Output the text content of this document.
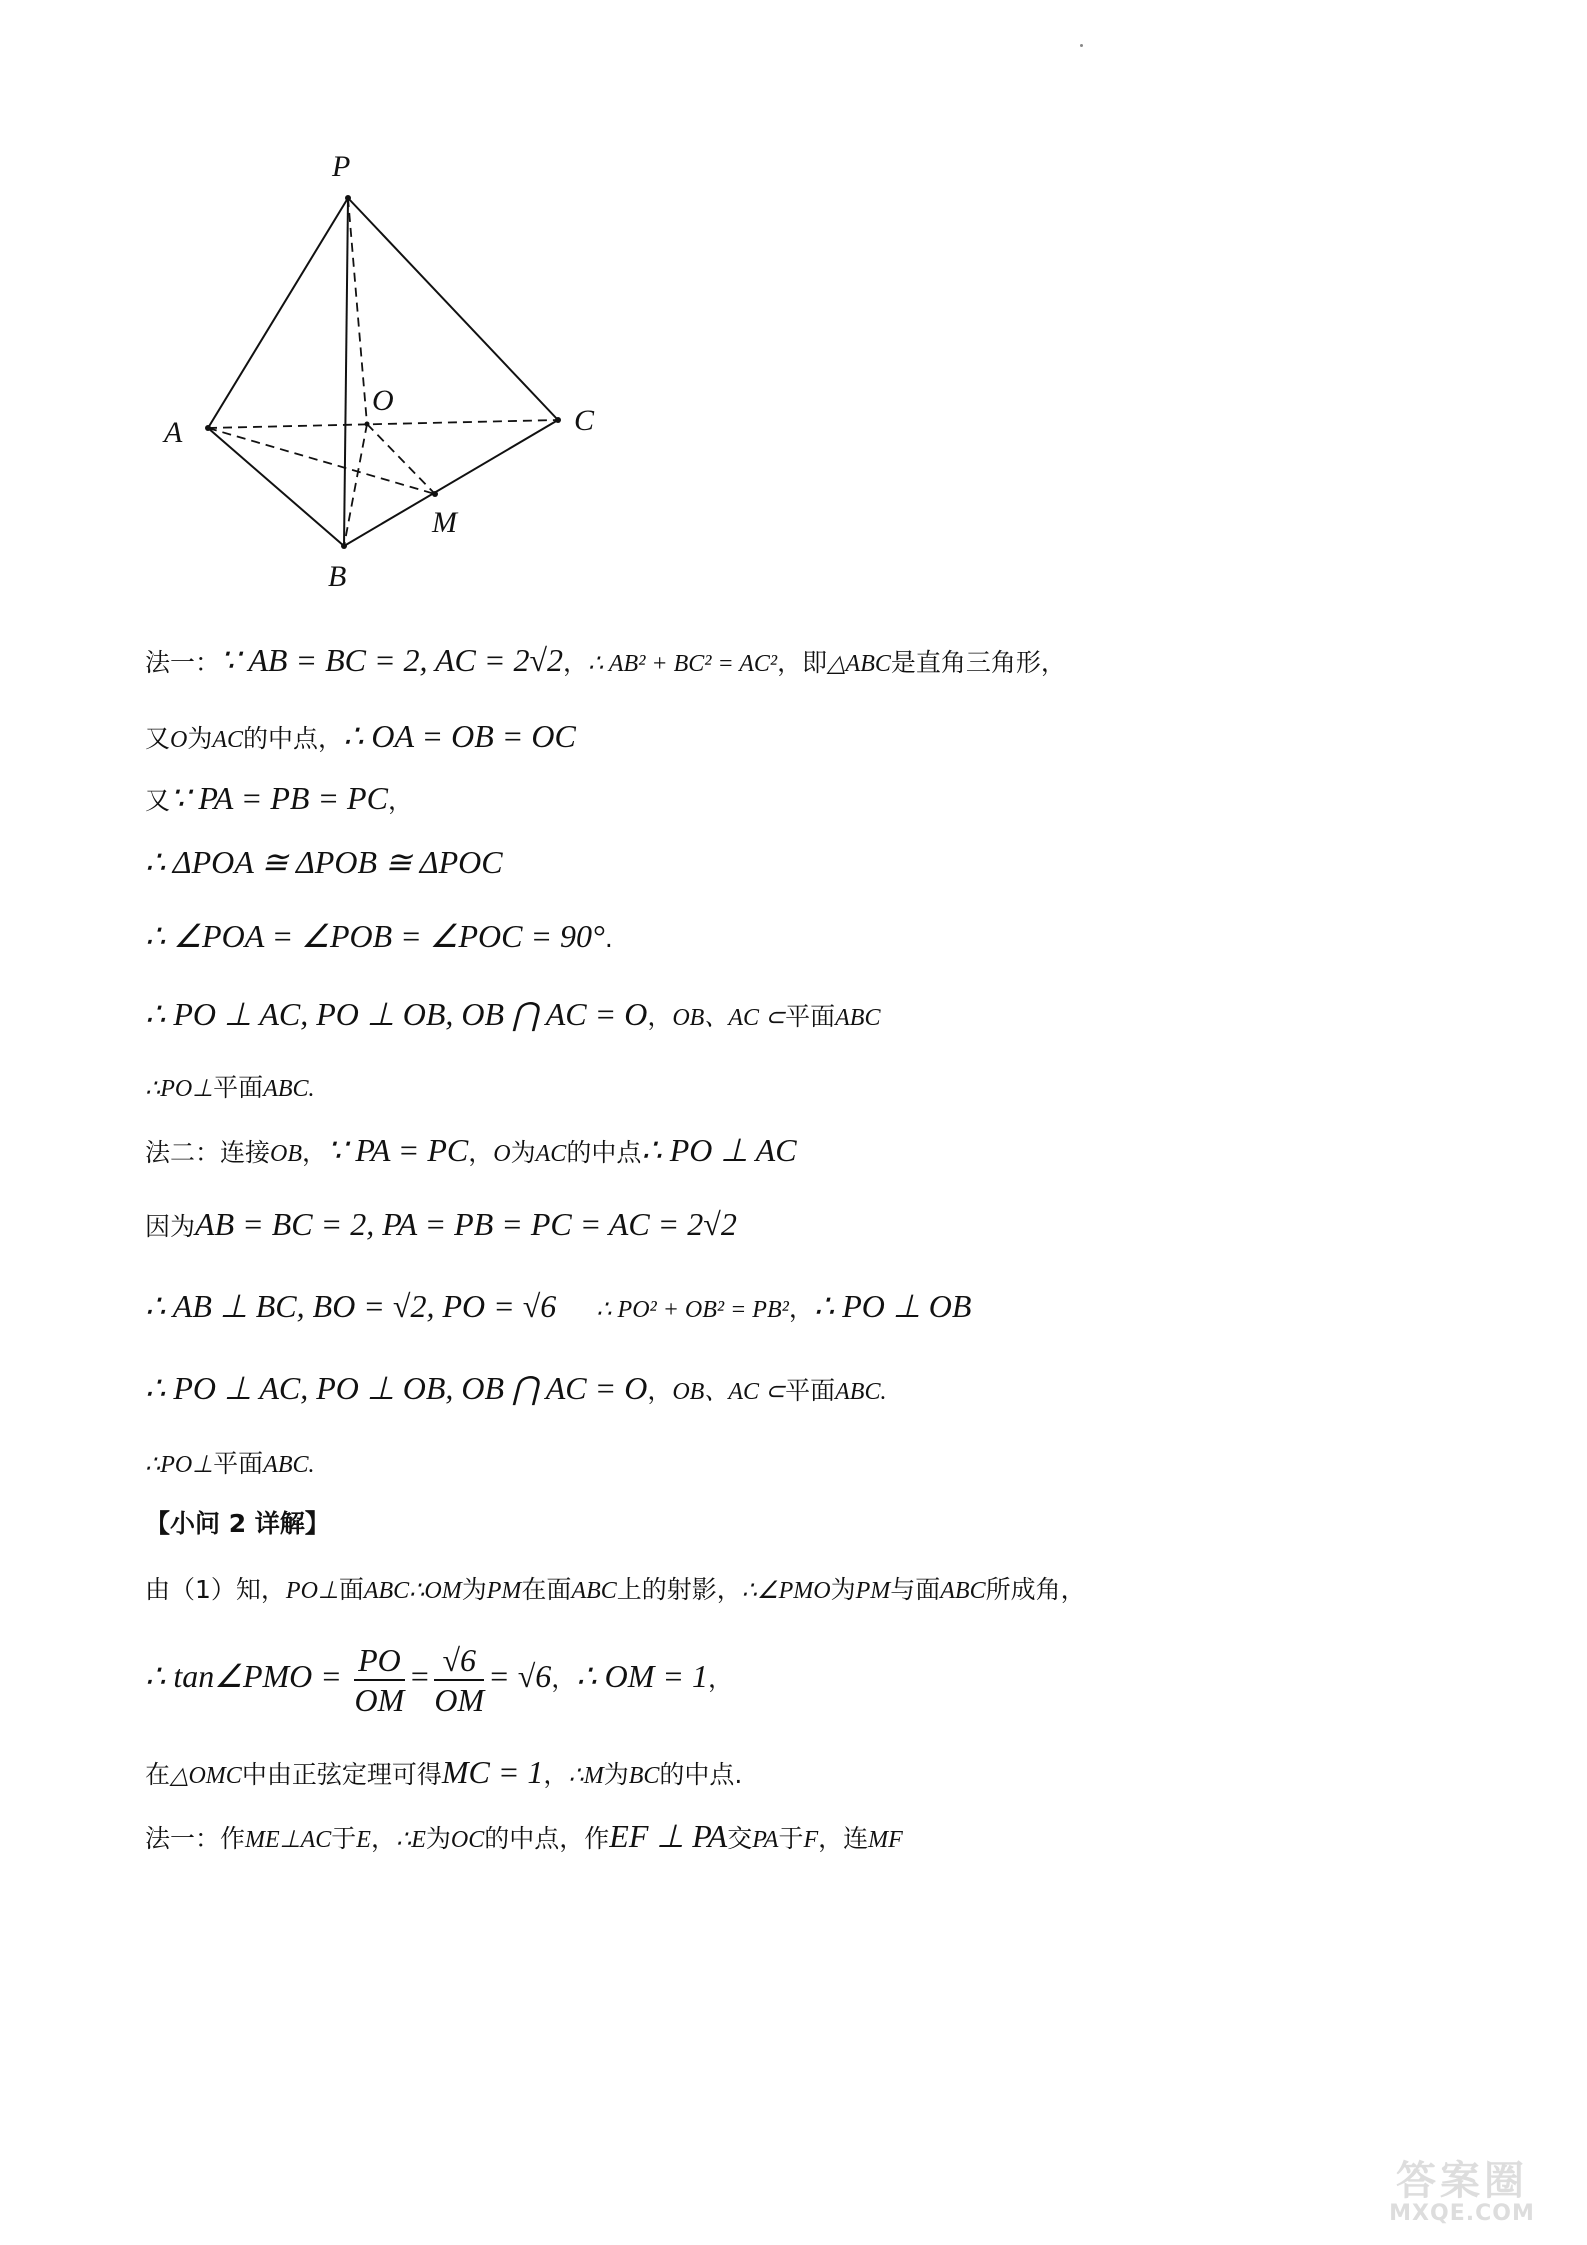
P
A
O
C
M
B
法一：∵ AB = BC = 2, AC = 2√2，∴ AB² + BC² = AC²，即△ABC是直角三角形，
又O为AC的中点，∴ OA = OB = OC
又∵ PA = PB = PC，
∴ ΔPOA ≅ ΔPOB ≅ ΔPOC
∴ ∠POA = ∠POB = ∠POC = 90°.
∴ PO ⊥ AC, PO ⊥ OB, OB ⋂ AC = O，OB、AC ⊂平面ABC
∴PO⊥平面ABC.
法二：连接OB，∵ PA = PC，O为AC的中点∴ PO ⊥ AC
因为AB = BC = 2, PA = PB = PC = AC = 2√2
∴ AB ⊥ BC, BO = √2, PO = √6 ∴ PO² + OB² = PB²，∴ PO ⊥ OB
∴ PO ⊥ AC, PO ⊥ OB, OB ⋂ AC = O，OB、AC ⊂平面ABC.
∴PO⊥平面ABC.
【小问 2 详解】
由（1）知，PO⊥面ABC∴OM为PM在面ABC上的射影，∴∠PMO为PM与面ABC所成角，
∴ tan∠PMO = $\frac{PO}{OM} = \frac{√6}{OM} = √6$，∴ OM = 1，
在△OMC中由正弦定理可得MC = 1，∴M为BC的中点.
法一：作ME⊥AC于E，∴E为OC的中点，作EF ⊥ PA交PA于F，连MF
答案圈
MXQE.COM
